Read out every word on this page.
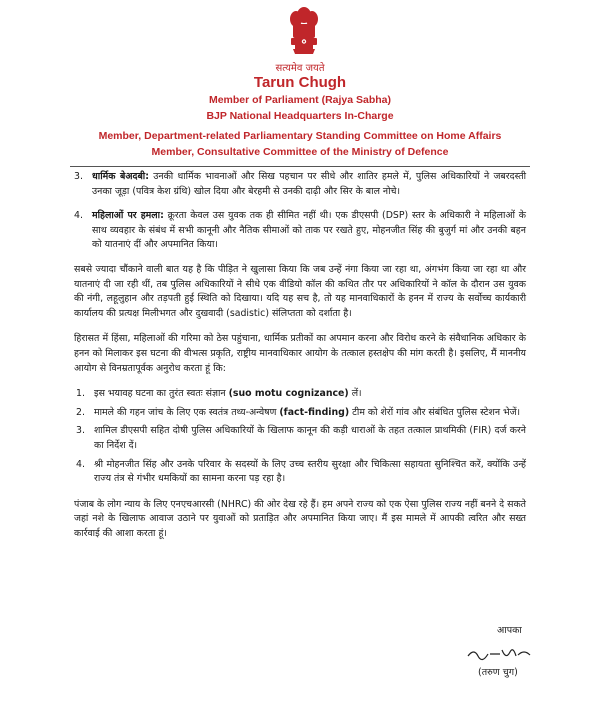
सत्यमेव जयते
Tarun Chugh
Member of Parliament (Rajya Sabha)
BJP National Headquarters In-Charge
Member, Department-related Parliamentary Standing Committee on Home Affairs
Member, Consultative Committee of the Ministry of Defence
3. धार्मिक बेअदबी: उनकी धार्मिक भावनाओं और सिख पहचान पर सीधे और शातिर हमले में, पुलिस अधिकारियों ने जबरदस्ती उनका जूड़ा (पवित्र केश ग्रंथि) खोल दिया और बेरहमी से उनकी दाढ़ी और सिर के बाल नोचे।
4. महिलाओं पर हमला: क्रूरता केवल उस युवक तक ही सीमित नहीं थी। एक डीएसपी (DSP) स्तर के अधिकारी ने महिलाओं के साथ व्यवहार के संबंध में सभी कानूनी और नैतिक सीमाओं को ताक पर रखते हुए, मोहनजीत सिंह की बुजुर्ग मां और उनकी बहन को यातनाएं दीं और अपमानित किया।
सबसे ज्यादा चौंकाने वाली बात यह है कि पीड़ित ने खुलासा किया कि जब उन्हें नंगा किया जा रहा था, अंगभंग किया जा रहा था और यातनाएं दी जा रही थीं, तब पुलिस अधिकारियों ने सीधे एक वीडियो कॉल की कथित तौर पर अधिकारियों ने कॉल के दौरान उस युवक की नंगी, लहूलुहान और तड़पती हुई स्थिति को दिखाया। यदि यह सच है, तो यह मानवाधिकारों के हनन में राज्य के सर्वोच्च कार्यकारी कार्यालय की प्रत्यक्ष मिलीभगत और दुखवादी (sadistic) संलिप्तता को दर्शाता है।
हिरासत में हिंसा, महिलाओं की गरिमा को ठेस पहुंचाना, धार्मिक प्रतीकों का अपमान करना और विरोध करने के संवैधानिक अधिकार के हनन को मिलाकर इस घटना की वीभत्स प्रकृति, राष्ट्रीय मानवाधिकार आयोग के तत्काल हस्तक्षेप की मांग करती है। इसलिए, मैं माननीय आयोग से विनम्रतापूर्वक अनुरोध करता हूं कि:
1. इस भयावह घटना का तुरंत स्वतः संज्ञान (suo motu cognizance) लें।
2. मामले की गहन जांच के लिए एक स्वतंत्र तथ्य-अन्वेषण (fact-finding) टीम को शेरों गांव और संबंधित पुलिस स्टेशन भेजें।
3. शामिल डीएसपी सहित दोषी पुलिस अधिकारियों के खिलाफ कानून की कड़ी धाराओं के तहत तत्काल प्राथमिकी (FIR) दर्ज करने का निर्देश दें।
4. श्री मोहनजीत सिंह और उनके परिवार के सदस्यों के लिए उच्च स्तरीय सुरक्षा और चिकित्सा सहायता सुनिश्चित करें, क्योंकि उन्हें राज्य तंत्र से गंभीर धमकियों का सामना करना पड़ रहा है।
पंजाब के लोग न्याय के लिए एनएचआरसी (NHRC) की ओर देख रहे हैं। हम अपने राज्य को एक ऐसा पुलिस राज्य नहीं बनने दे सकते जहां नशे के खिलाफ आवाज उठाने पर युवाओं को प्रताड़ित और अपमानित किया जाए। मैं इस मामले में आपकी त्वरित और सख्त कार्रवाई की आशा करता हूं।
आपका
(तरुण चुग)
